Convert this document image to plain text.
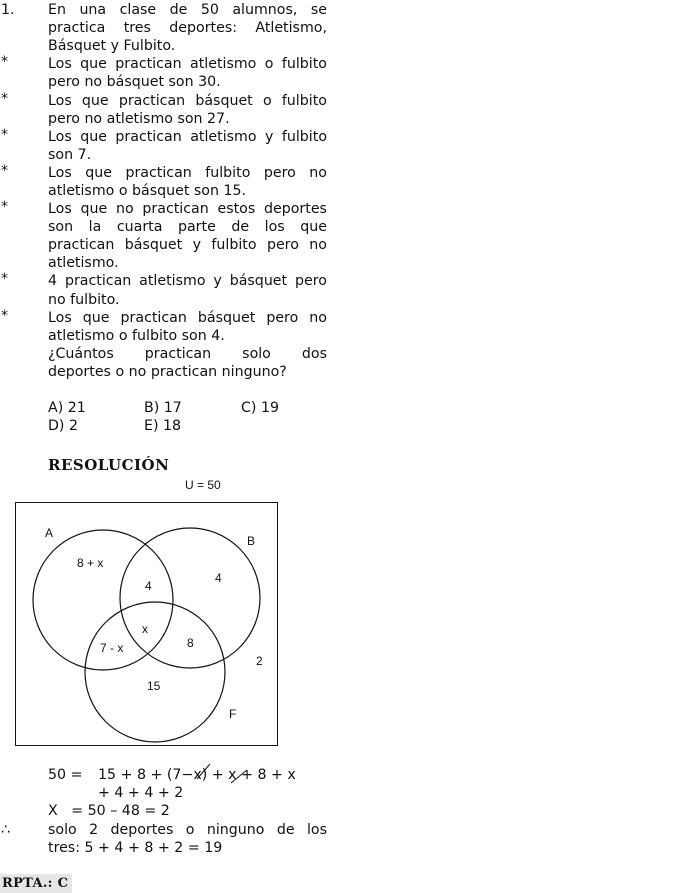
1. En una clase de 50 alumnos, se
practica tres deportes: Atletismo,
Básquet y Fulbito.
*	Los que practican atletismo o fulbito
pero no básquet son 30.
*	Los que practican básquet o fulbito
pero no atletismo son 27.
*	Los que practican atletismo y fulbito
son 7.
*	Los que practican fulbito pero no
atletismo o básquet son 15.
*	Los que no practican estos deportes
son la cuarta parte de los que
practican básquet y fulbito pero no
atletismo.
*	4 practican atletismo y básquet pero
no fulbito.
*	Los que practican básquet pero no
atletismo o fulbito son 4.
¿Cuántos practican solo dos
deportes o no practican ninguno?
A) 21	B) 17	C) 19
D) 2	E) 18
RESOLUCIÓN
U = 50
A
B
F
8 + x
4
4
x
7 - x	8
15
2
50 = 15 + 8 + (7−x) + x + 8 + x
+ 4 + 4 + 2
X   = 50 – 48 = 2
∴	solo 2 deportes o ninguno de los
tres: 5 + 4 + 8 + 2 = 19
RPTA.: C
